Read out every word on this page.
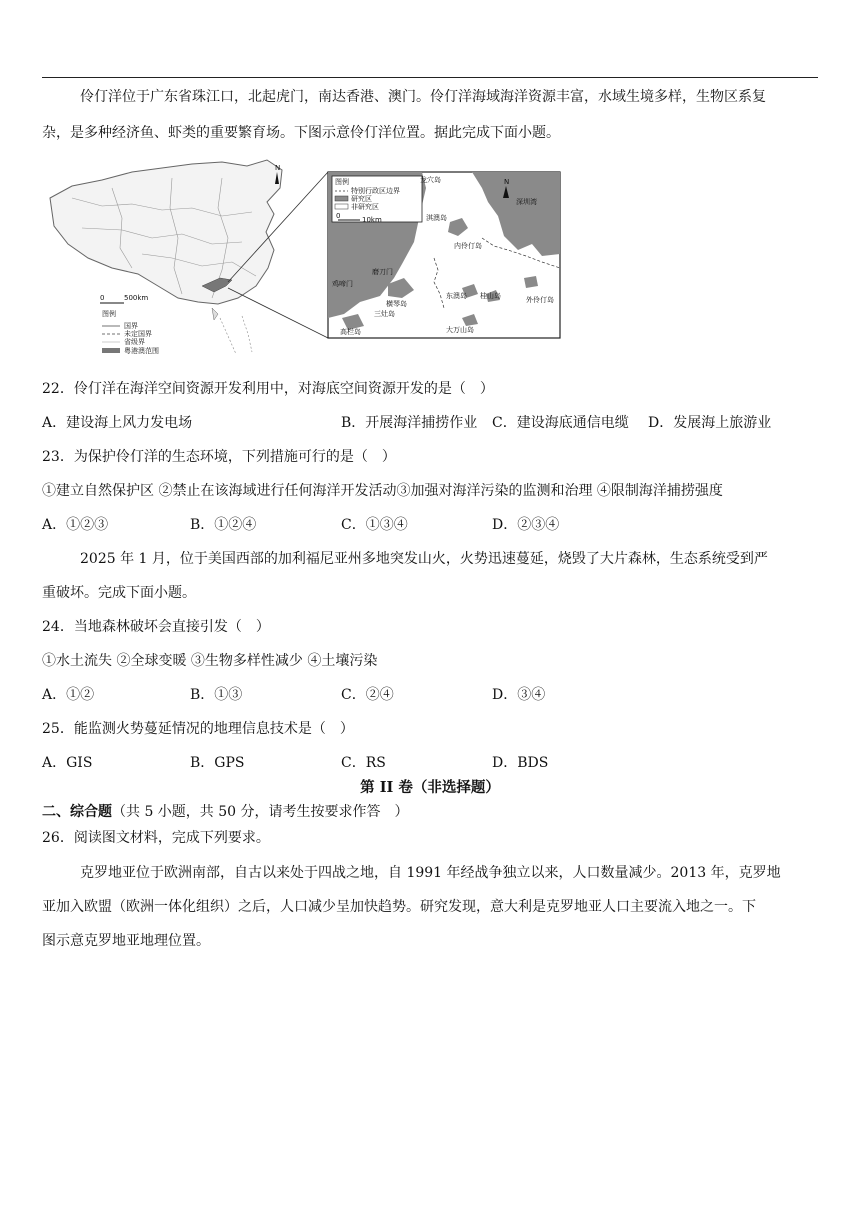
伶仃洋位于广东省珠江口，北起虎门，南达香港、澳门。伶仃洋海域海洋资源丰富，水域生境多样，生物区系复
杂，是多种经济鱼、虾类的重要繁育场。下图示意伶仃洋位置。据此完成下面小题。
N
0	500km
图例
国界
未定国界
省级界
粤港澳范围
图例
特别行政区边界
研究区
非研究区
0	10km
N
龙穴岛
深圳湾
淇澳岛
内伶仃岛
磨刀门
鸡啼门
横琴岛
东澳岛 桂山岛	外伶仃岛
三灶岛
高栏岛	大万山岛
22．伶仃洋在海洋空间资源开发利用中，对海底空间资源开发的是（　）
A．建设海上风力发电场	B．开展海洋捕捞作业 C．建设海底通信电缆 D．发展海上旅游业
23．为保护伶仃洋的生态环境，下列措施可行的是（　）
①建立自然保护区 ②禁止在该海域进行任何海洋开发活动③加强对海洋污染的监测和治理 ④限制海洋捕捞强度
A．①②③	B．①②④	C．①③④	D．②③④
2025 年 1 月，位于美国西部的加利福尼亚州多地突发山火，火势迅速蔓延，烧毁了大片森林，生态系统受到严
重破坏。完成下面小题。
24．当地森林破坏会直接引发（　）
①水土流失 ②全球变暖 ③生物多样性减少 ④土壤污染
A．①②	B．①③	C．②④	D．③④
25．能监测火势蔓延情况的地理信息技术是（　）
A．GIS	B．GPS	C．RS	D．BDS
第 II 卷（非选择题）
二、综合题（共 5 小题，共 50 分，请考生按要求作答　）
26．阅读图文材料，完成下列要求。
克罗地亚位于欧洲南部，自古以来处于四战之地，自 1991 年经战争独立以来，人口数量减少。2013 年，克罗地
亚加入欧盟（欧洲一体化组织）之后，人口减少呈加快趋势。研究发现，意大利是克罗地亚人口主要流入地之一。下
图示意克罗地亚地理位置。
